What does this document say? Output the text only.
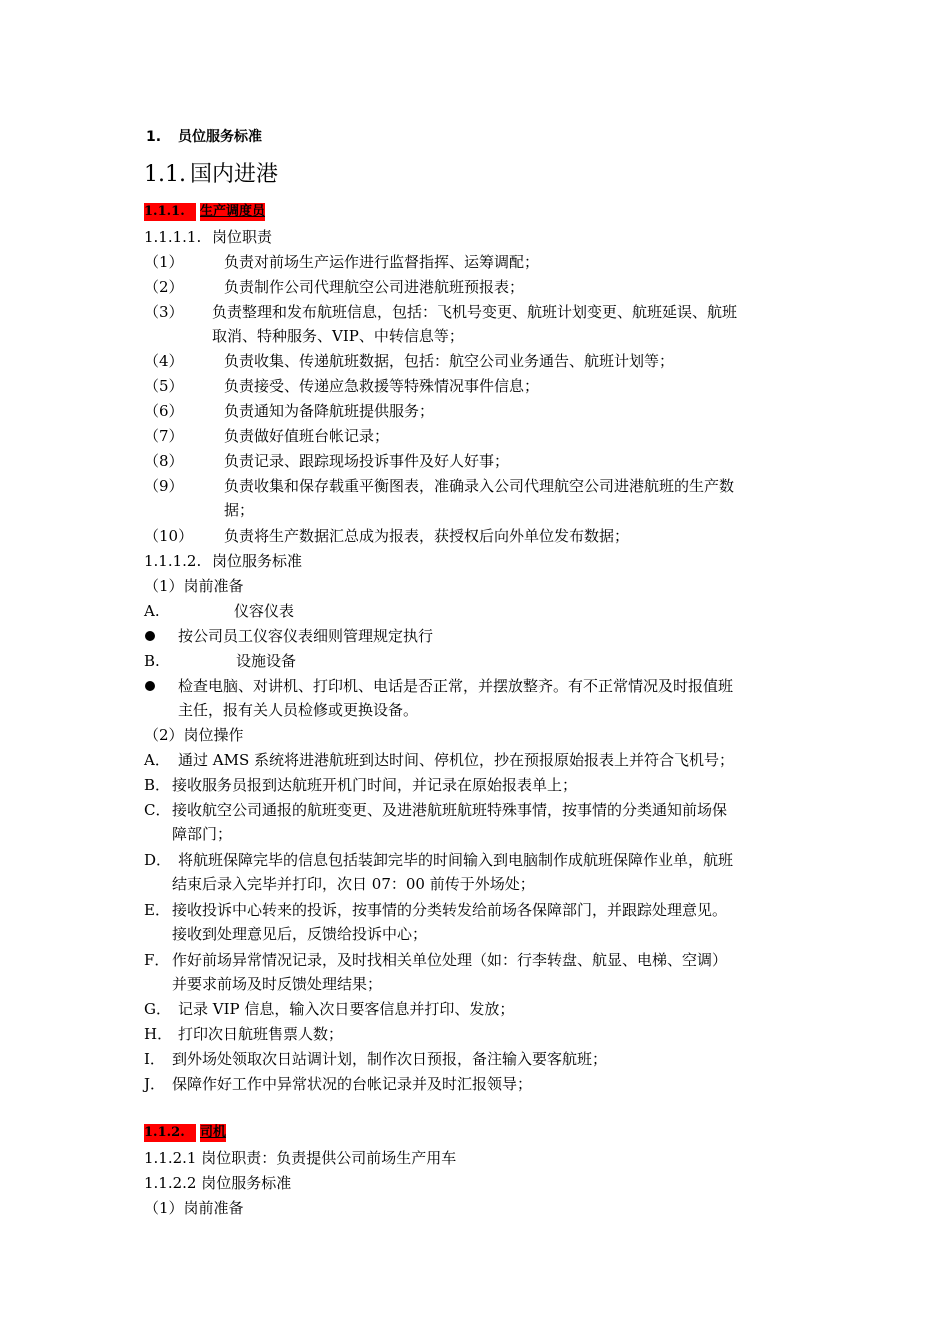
1. 员位服务标准
1.1. 国内进港
1.1.1.	生产调度员
1.1.1.1. 岗位职责
（1）	负责对前场生产运作进行监督指挥、运筹调配；
（2）	负责制作公司代理航空公司进港航班预报表；
（3） 负责整理和发布航班信息，包括：飞机号变更、航班计划变更、航班延误、航班
取消、特种服务、VIP、中转信息等；
（4）	负责收集、传递航班数据，包括：航空公司业务通告、航班计划等；
（5）	负责接受、传递应急救援等特殊情况事件信息；
（6）	负责通知为备降航班提供服务；
（7）	负责做好值班台帐记录；
（8）	负责记录、跟踪现场投诉事件及好人好事；
（9）	负责收集和保存载重平衡图表，准确录入公司代理航空公司进港航班的生产数
据；
（10） 负责将生产数据汇总成为报表，获授权后向外单位发布数据；
1.1.1.2. 岗位服务标准
（1）岗前准备
A.	仪容仪表
按公司员工仪容仪表细则管理规定执行
B.	设施设备
检查电脑、对讲机、打印机、电话是否正常，并摆放整齐。有不正常情况及时报值班
主任，报有关人员检修或更换设备。
（2）岗位操作
A． 通过 AMS 系统将进港航班到达时间、停机位，抄在预报原始报表上并符合飞机号；
B． 接收服务员报到达航班开机门时间，并记录在原始报表单上；
C． 接收航空公司通报的航班变更、及进港航班航班特殊事情，按事情的分类通知前场保
障部门；
D． 将航班保障完毕的信息包括装卸完毕的时间输入到电脑制作成航班保障作业单，航班
结束后录入完毕并打印，次日 07：00 前传于外场处；
E． 接收投诉中心转来的投诉，按事情的分类转发给前场各保障部门，并跟踪处理意见。
接收到处理意见后，反馈给投诉中心；
F． 作好前场异常情况记录，及时找相关单位处理（如：行李转盘、航显、电梯、空调）
并要求前场及时反馈处理结果；
G． 记录 VIP 信息，输入次日要客信息并打印、发放；
H． 打印次日航班售票人数；
I． 到外场处领取次日站调计划，制作次日预报，备注输入要客航班；
J． 保障作好工作中异常状况的台帐记录并及时汇报领导；
1.1.2.	司机
1.1.2.1 岗位职责：负责提供公司前场生产用车
1.1.2.2 岗位服务标准
（1）岗前准备
